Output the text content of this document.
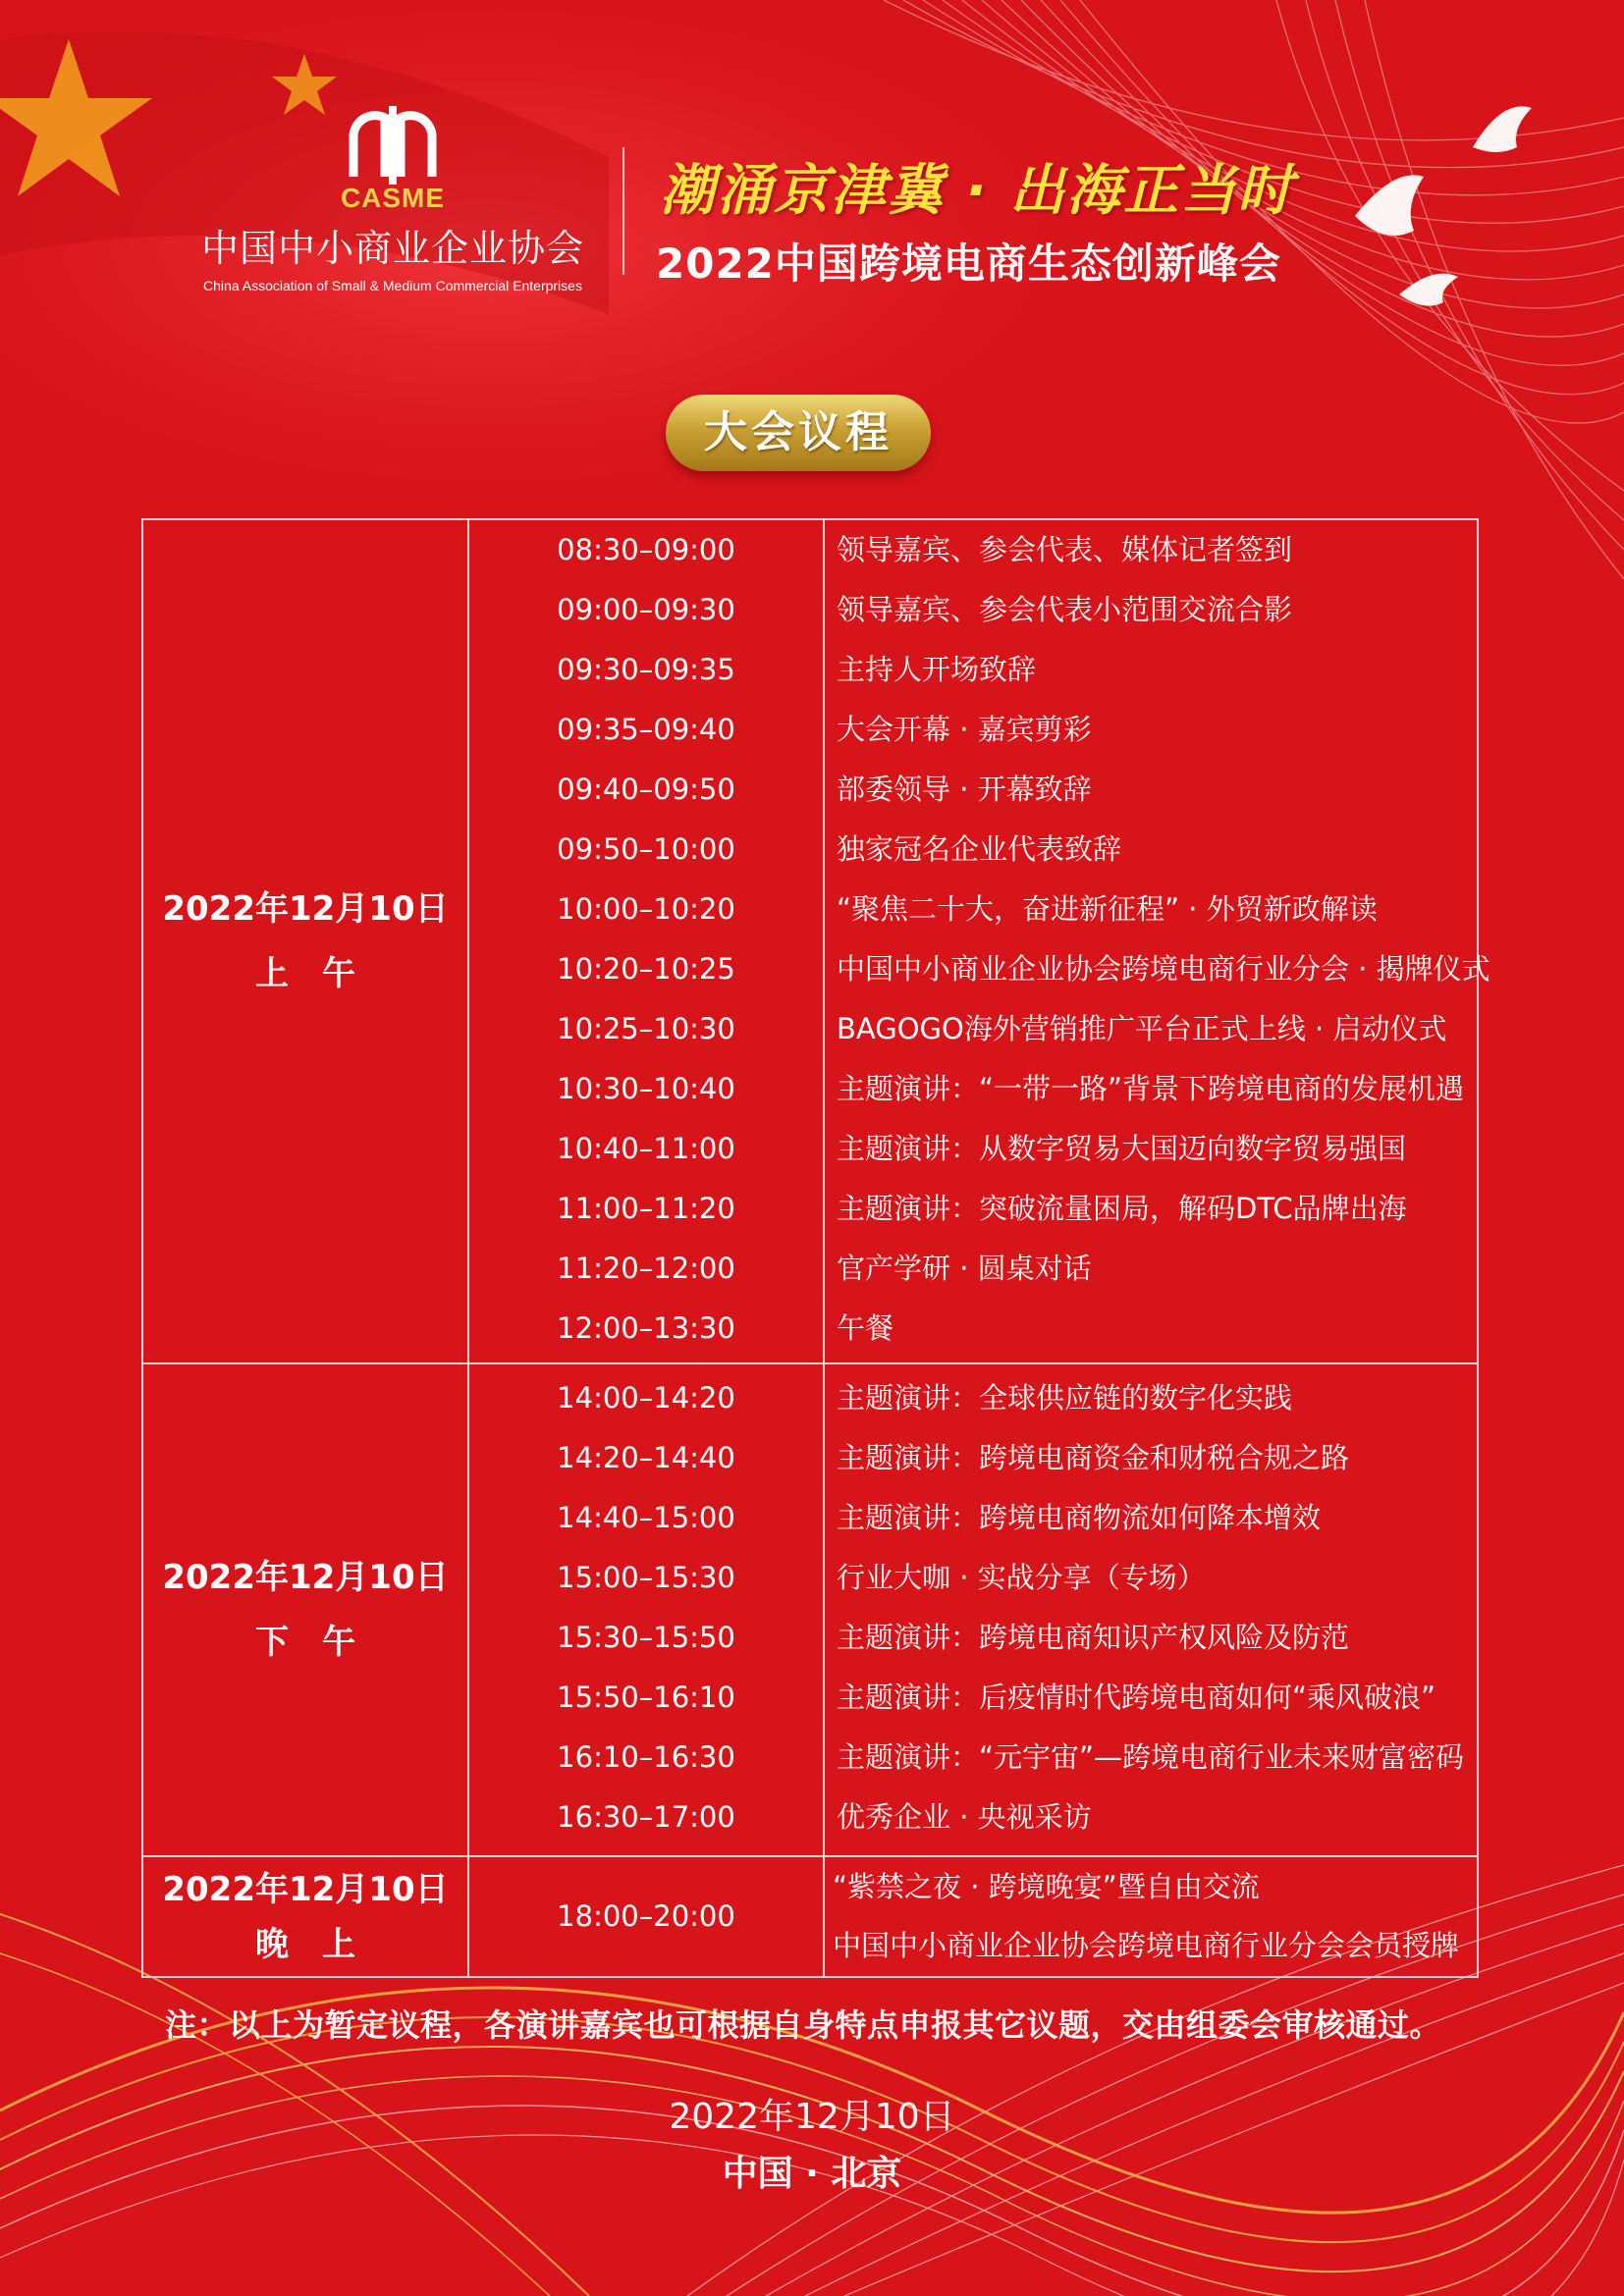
CASME
中国中小商业企业协会
China Association of Small & Medium Commercial Enterprises
潮涌京津冀 · 出海正当时
2022中国跨境电商生态创新峰会
大会议程
2022年12月10日
上　午
08:30–09:00
09:00–09:30
09:30–09:35
09:35–09:40
09:40–09:50
09:50–10:00
10:00–10:20
10:20–10:25
10:25–10:30
10:30–10:40
10:40–11:00
11:00–11:20
11:20–12:00
12:00–13:30
领导嘉宾、参会代表、媒体记者签到
领导嘉宾、参会代表小范围交流合影
主持人开场致辞
大会开幕 · 嘉宾剪彩
部委领导 · 开幕致辞
独家冠名企业代表致辞
“聚焦二十大，奋进新征程” · 外贸新政解读
中国中小商业企业协会跨境电商行业分会 · 揭牌仪式
BAGOGO海外营销推广平台正式上线 · 启动仪式
主题演讲：“一带一路”背景下跨境电商的发展机遇
主题演讲：从数字贸易大国迈向数字贸易强国
主题演讲：突破流量困局，解码DTC品牌出海
官产学研 · 圆桌对话
午餐
2022年12月10日
下　午
14:00–14:20
14:20–14:40
14:40–15:00
15:00–15:30
15:30–15:50
15:50–16:10
16:10–16:30
16:30–17:00
主题演讲：全球供应链的数字化实践
主题演讲：跨境电商资金和财税合规之路
主题演讲：跨境电商物流如何降本增效
行业大咖 · 实战分享（专场）
主题演讲：跨境电商知识产权风险及防范
主题演讲：后疫情时代跨境电商如何“乘风破浪”
主题演讲：“元宇宙”—跨境电商行业未来财富密码
优秀企业 · 央视采访
2022年12月10日
晚　上
18:00–20:00
“紫禁之夜 · 跨境晚宴”暨自由交流
中国中小商业企业协会跨境电商行业分会会员授牌
注：以上为暂定议程，各演讲嘉宾也可根据自身特点申报其它议题，交由组委会审核通过。
2022年12月10日
中国 · 北京
